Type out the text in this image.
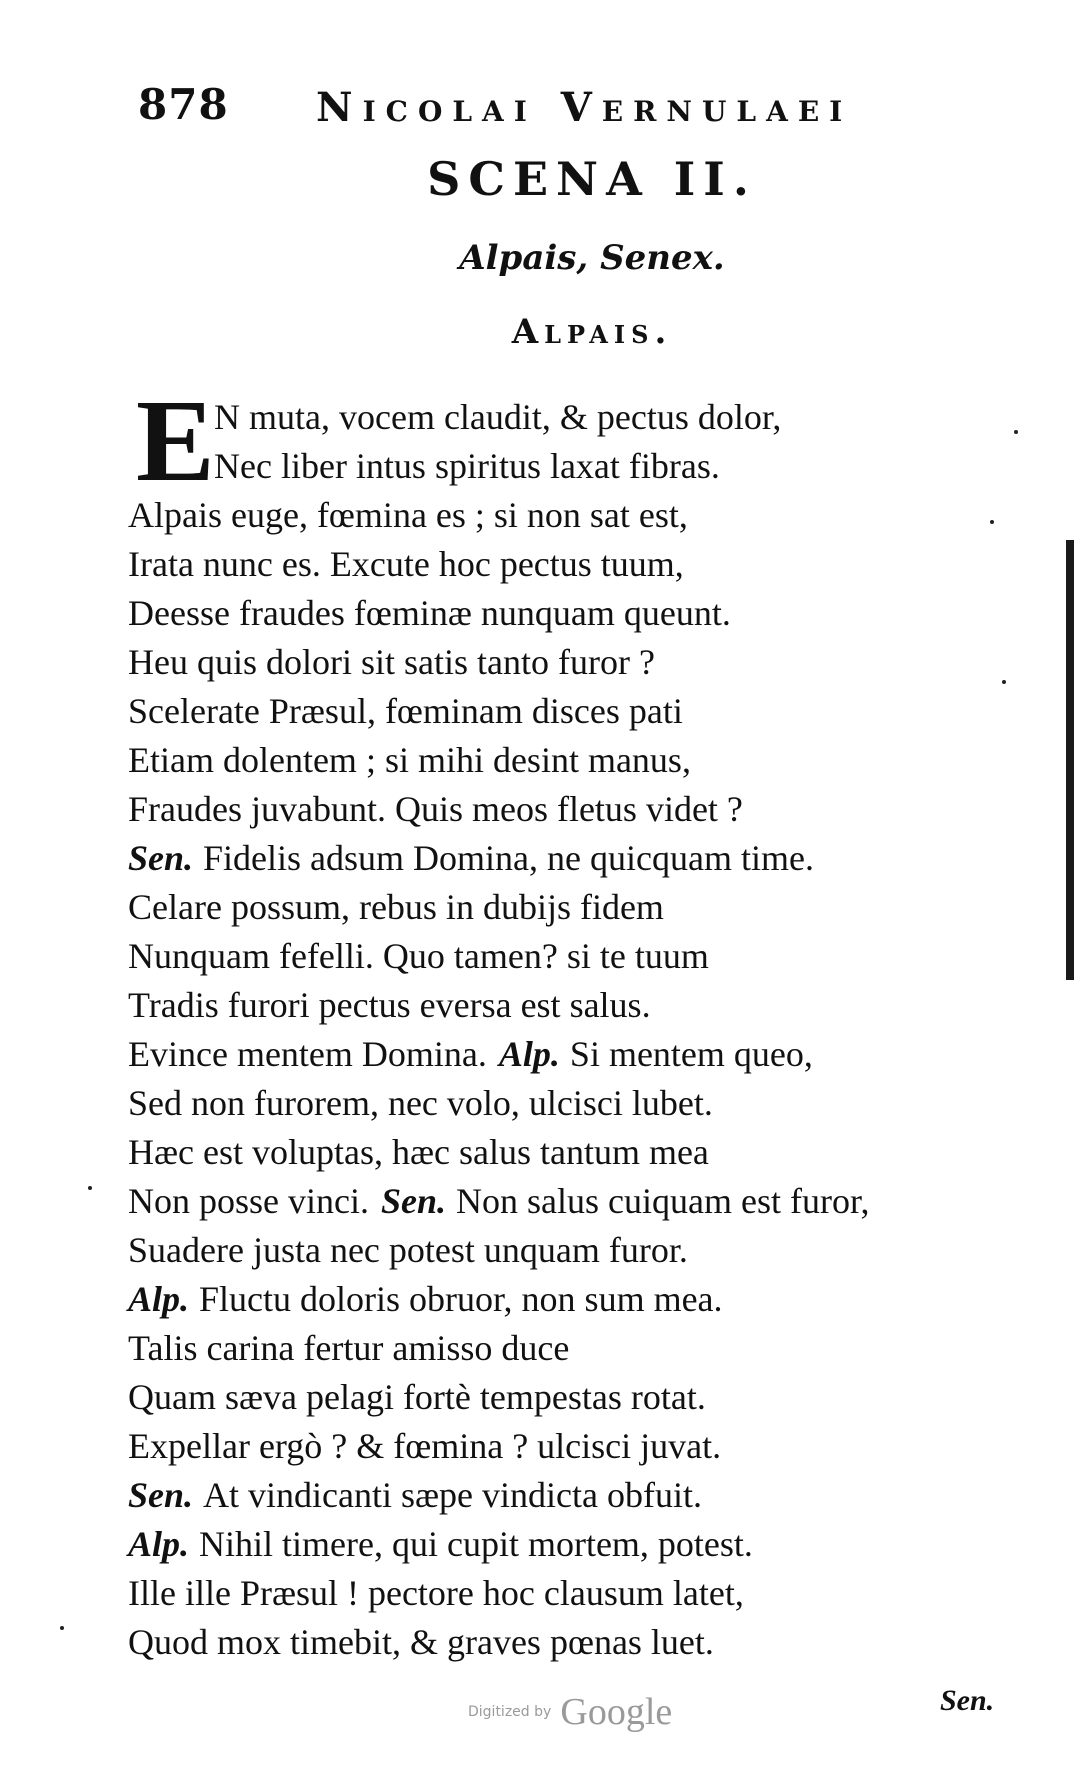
878 Nicolai Vernulaei
SCENA II.
Alpais, Senex.
Alpais.
E N muta, vocem claudit, & pectus dolor,
Nec liber intus spiritus laxat fibras.
Alpais euge, fœmina es ; si non sat est,
Irata nunc es. Excute hoc pectus tuum,
Deesse fraudes fœminæ nunquam queunt.
Heu quis dolori sit satis tanto furor ?
Scelerate Præsul, fœminam disces pati
Etiam dolentem ; si mihi desint manus,
Fraudes juvabunt. Quis meos fletus videt ?
Sen. Fidelis adsum Domina, ne quicquam time.
Celare possum, rebus in dubijs fidem
Nunquam fefelli. Quo tamen? si te tuum
Tradis furori pectus eversa est salus.
Evince mentem Domina. Alp. Si mentem queo,
Sed non furorem, nec volo, ulcisci lubet.
Hæc est voluptas, hæc salus tantum mea
Non posse vinci. Sen. Non salus cuiquam est furor,
Suadere justa nec potest unquam furor.
Alp. Fluctu doloris obruor, non sum mea.
Talis carina fertur amisso duce
Quam sæva pelagi fortè tempestas rotat.
Expellar ergò ? & fœmina ? ulcisci juvat.
Sen. At vindicanti sæpe vindicta obfuit.
Alp. Nihil timere, qui cupit mortem, potest.
Ille ille Præsul ! pectore hoc clausum latet,
Quod mox timebit, & graves pœnas luet.
Sen.
Digitized by Google
